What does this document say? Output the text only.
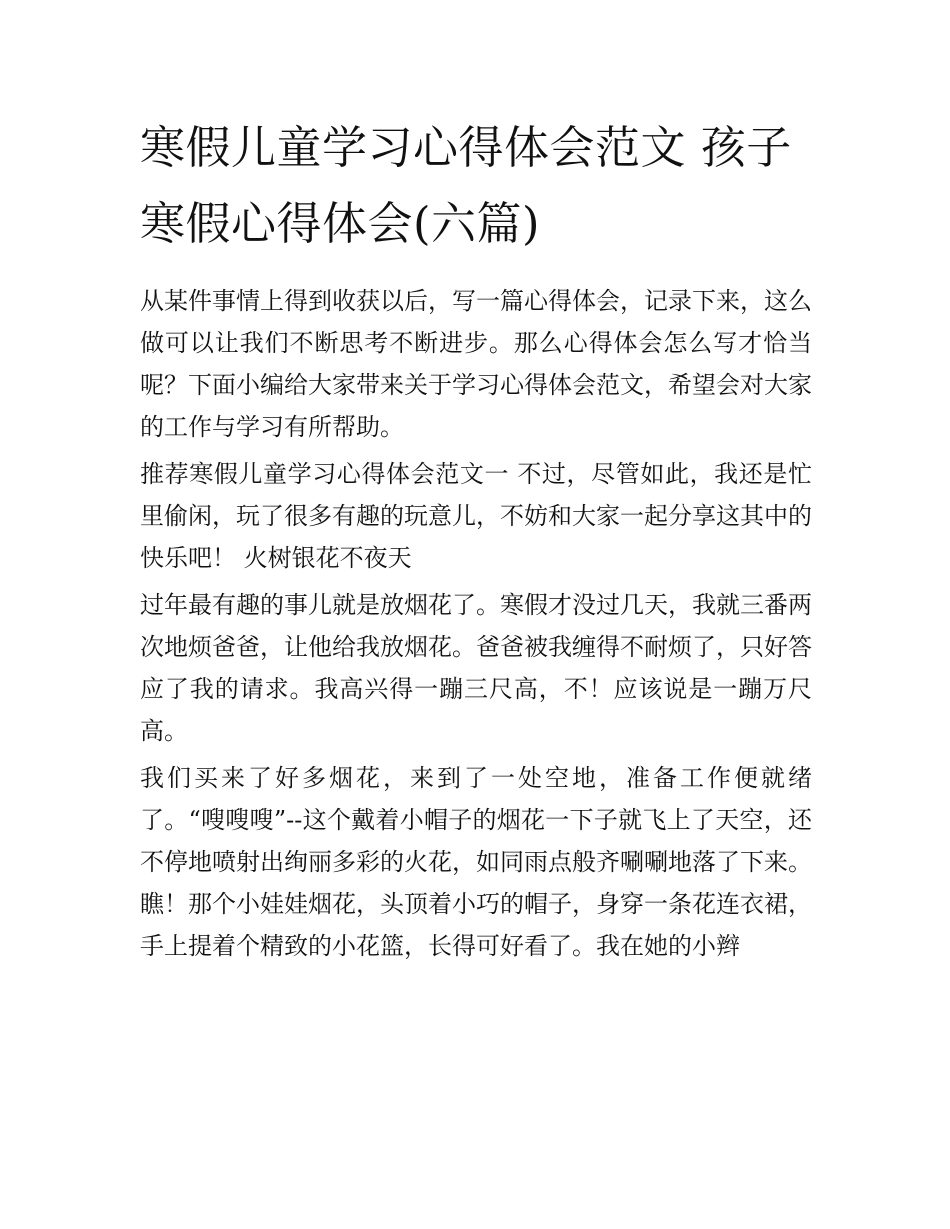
寒假儿童学习心得体会范文 孩子寒假心得体会(六篇)

从某件事情上得到收获以后，写一篇心得体会，记录下来，这么做可以让我们不断思考不断进步。那么心得体会怎么写才恰当呢？下面小编给大家带来关于学习心得体会范文，希望会对大家的工作与学习有所帮助。

推荐寒假儿童学习心得体会范文一 不过，尽管如此，我还是忙里偷闲，玩了很多有趣的玩意儿，不妨和大家一起分享这其中的快乐吧！ 火树银花不夜天

过年最有趣的事儿就是放烟花了。寒假才没过几天，我就三番两次地烦爸爸，让他给我放烟花。爸爸被我缠得不耐烦了，只好答应了我的请求。我高兴得一蹦三尺高，不！应该说是一蹦万尺高。

我们买来了好多烟花，来到了一处空地，准备工作便就绪了。“嗖嗖嗖”--这个戴着小帽子的烟花一下子就飞上了天空，还不停地喷射出绚丽多彩的火花，如同雨点般齐唰唰地落了下来。瞧！那个小娃娃烟花，头顶着小巧的帽子，身穿一条花连衣裙，手上提着个精致的小花篮，长得可好看了。我在她的小辫
